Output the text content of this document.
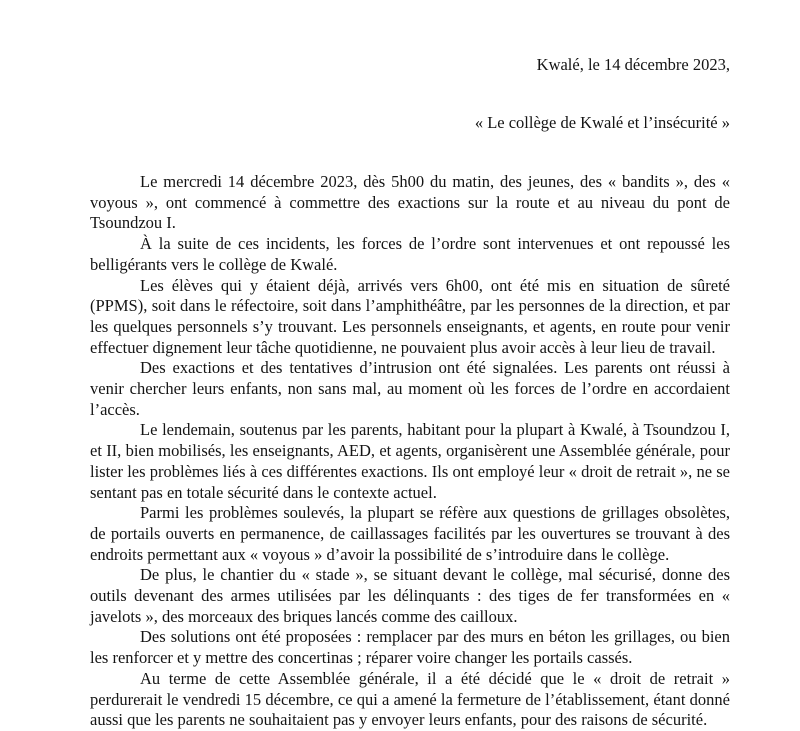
Kwalé, le 14 décembre 2023,
« Le collège de Kwalé et l’insécurité »

Le mercredi 14 décembre 2023, dès 5h00 du matin, des jeunes, des « bandits », des « voyous », ont commencé à commettre des exactions sur la route et au niveau du pont de Tsoundzou I.

À la suite de ces incidents, les forces de l’ordre sont intervenues et ont repoussé les belligérants vers le collège de Kwalé.

Les élèves qui y étaient déjà, arrivés vers 6h00, ont été mis en situation de sûreté (PPMS), soit dans le réfectoire, soit dans l’amphithéâtre, par les personnes de la direction, et par les quelques personnels s’y trouvant. Les personnels enseignants, et agents, en route pour venir effectuer dignement leur tâche quotidienne, ne pouvaient plus avoir accès à leur lieu de travail.

Des exactions et des tentatives d’intrusion ont été signalées. Les parents ont réussi à venir chercher leurs enfants, non sans mal, au moment où les forces de l’ordre en accordaient l’accès.

Le lendemain, soutenus par les parents, habitant pour la plupart à Kwalé, à Tsoundzou I, et II, bien mobilisés, les enseignants, AED, et agents, organisèrent une Assemblée générale, pour lister les problèmes liés à ces différentes exactions. Ils ont employé leur « droit de retrait », ne se sentant pas en totale sécurité dans le contexte actuel.

Parmi les problèmes soulevés, la plupart se réfère aux questions de grillages obsolètes, de portails ouverts en permanence, de caillassages facilités par les ouvertures se trouvant à des endroits permettant aux « voyous » d’avoir la possibilité de s’introduire dans le collège.

De plus, le chantier du « stade », se situant devant le collège, mal sécurisé, donne des outils devenant des armes utilisées par les délinquants : des tiges de fer transformées en « javelots », des morceaux des briques lancés comme des cailloux.

Des solutions ont été proposées : remplacer par des murs en béton les grillages, ou bien les renforcer et y mettre des concertinas ; réparer voire changer les portails cassés.

Au terme de cette Assemblée générale, il a été décidé que le « droit de retrait » perdurerait le vendredi 15 décembre, ce qui a amené la fermeture de l’établissement, étant donné aussi que les parents ne souhaitaient pas y envoyer leurs enfants, pour des raisons de sécurité.
